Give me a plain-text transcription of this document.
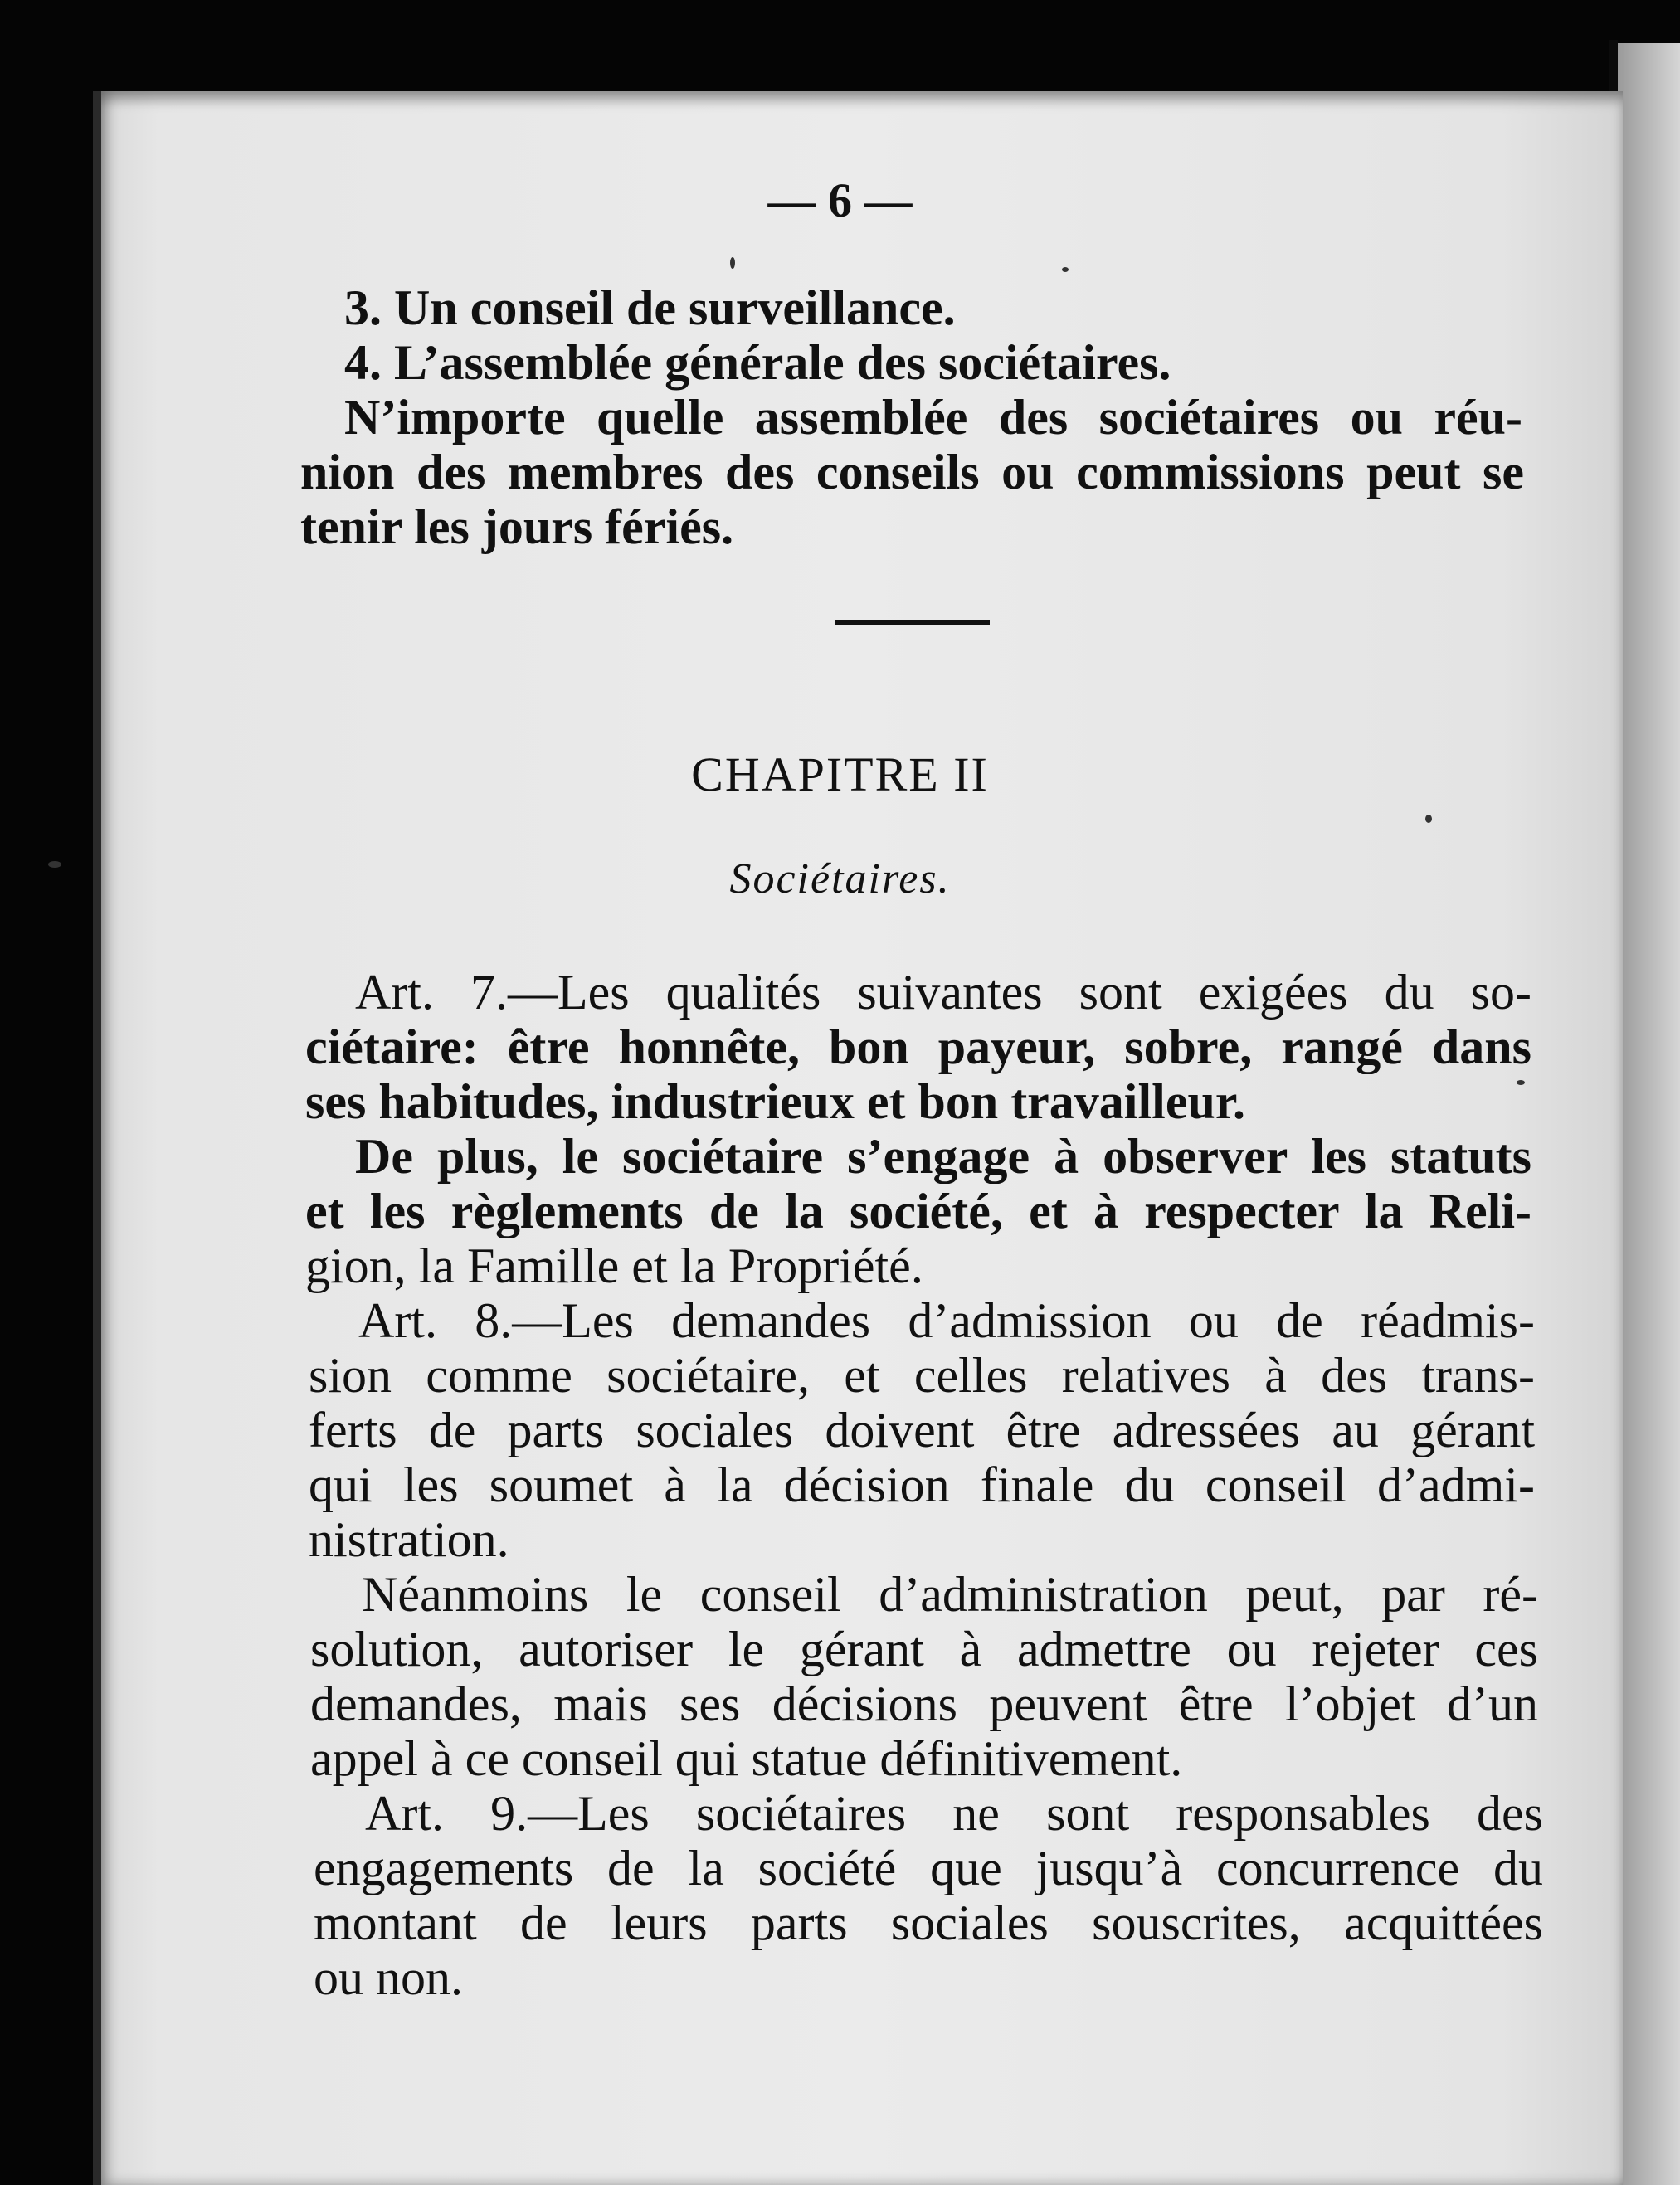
— 6 —
3. Un conseil de surveillance.
4. L’assemblée générale des sociétaires.
N’importe quelle assemblée des sociétaires ou réu-
nion des membres des conseils ou commissions peut se
tenir les jours fériés.
CHAPITRE II
Sociétaires.
Art. 7.—Les qualités suivantes sont exigées du so-
ciétaire: être honnête, bon payeur, sobre, rangé dans
ses habitudes, industrieux et bon travailleur.
De plus, le sociétaire s’engage à observer les statuts
et les règlements de la société, et à respecter la Reli-
gion, la Famille et la Propriété.
Art. 8.—Les demandes d’admission ou de réadmis-
sion comme sociétaire, et celles relatives à des trans-
ferts de parts sociales doivent être adressées au gérant
qui les soumet à la décision finale du conseil d’admi-
nistration.
Néanmoins le conseil d’administration peut, par ré-
solution, autoriser le gérant à admettre ou rejeter ces
demandes, mais ses décisions peuvent être l’objet d’un
appel à ce conseil qui statue définitivement.
Art. 9.—Les sociétaires ne sont responsables des
engagements de la société que jusqu’à concurrence du
montant de leurs parts sociales souscrites, acquittées
ou non.
